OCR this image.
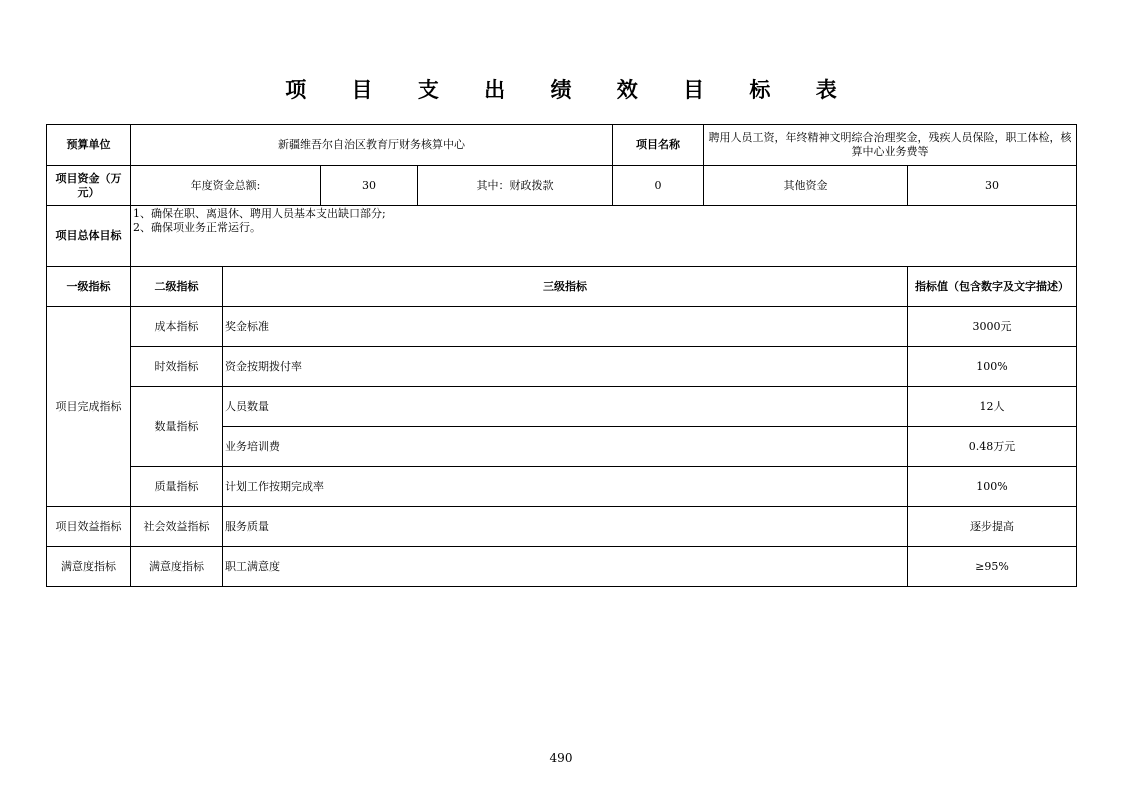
项 目 支 出 绩 效 目 标 表
预算单位	新疆维吾尔自治区教育厅财务核算中心				项目名称	聘用人员工资，年终精神文明综合治理奖金，残疾人员保险，职工体检，核算中心业务费等	
项目资金（万元）	年度资金总额:		30	其中：财政拨款	0	其他资金	30
项目总体目标	1、确保在职、离退休、聘用人员基本支出缺口部分;
2、确保项业务正常运行。						

一级指标	二级指标	三级指标					指标值（包含数字及文字描述）
项目完成指标	成本指标	奖金标准					3000元
	时效指标	资金按期拨付率					100%
	数量指标	人员数量					12人
		业务培训费					0.48万元
	质量指标	计划工作按期完成率					100%
项目效益指标	社会效益指标	服务质量					逐步提高
满意度指标	满意度指标	职工满意度					≥95%
490
